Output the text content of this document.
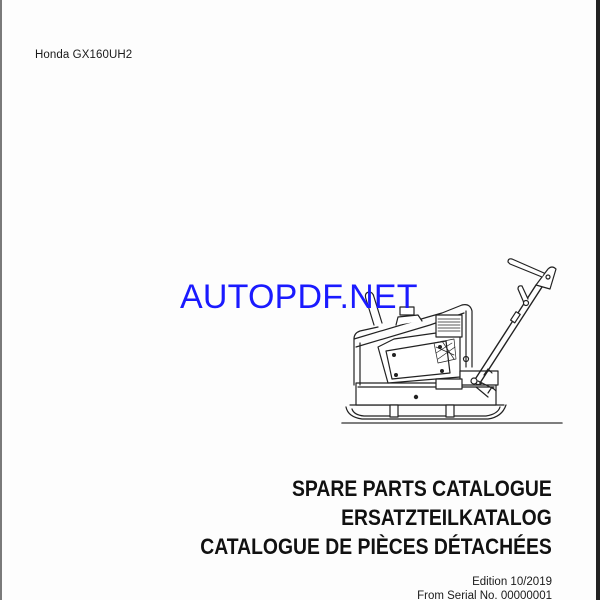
Honda GX160UH2
AUTOPDF.NET
SPARE PARTS CATALOGUE
ERSATZTEILKATALOG
CATALOGUE DE PIÈCES DÉTACHÉES
Edition 10/2019
From Serial No. 00000001
